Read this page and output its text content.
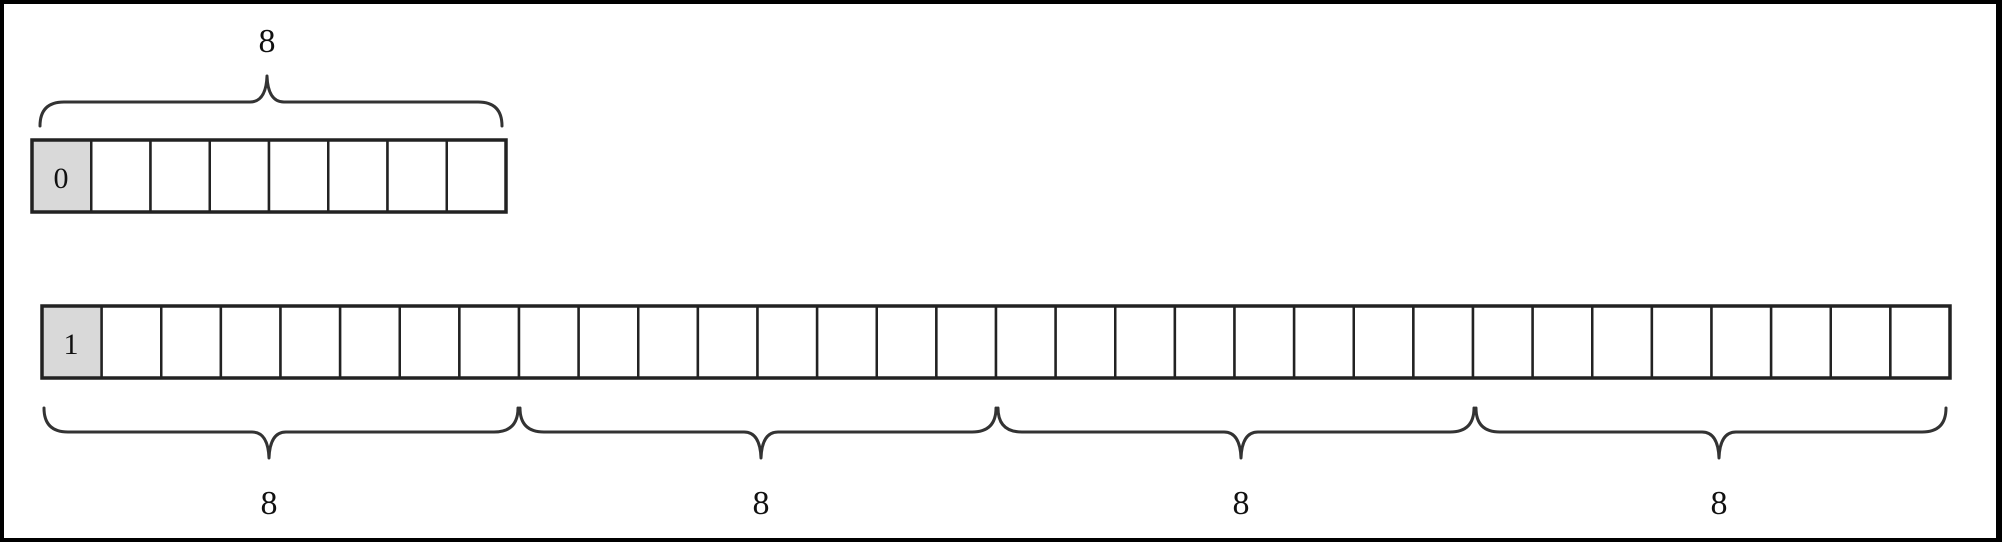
8
0
1
8	8	8	8
